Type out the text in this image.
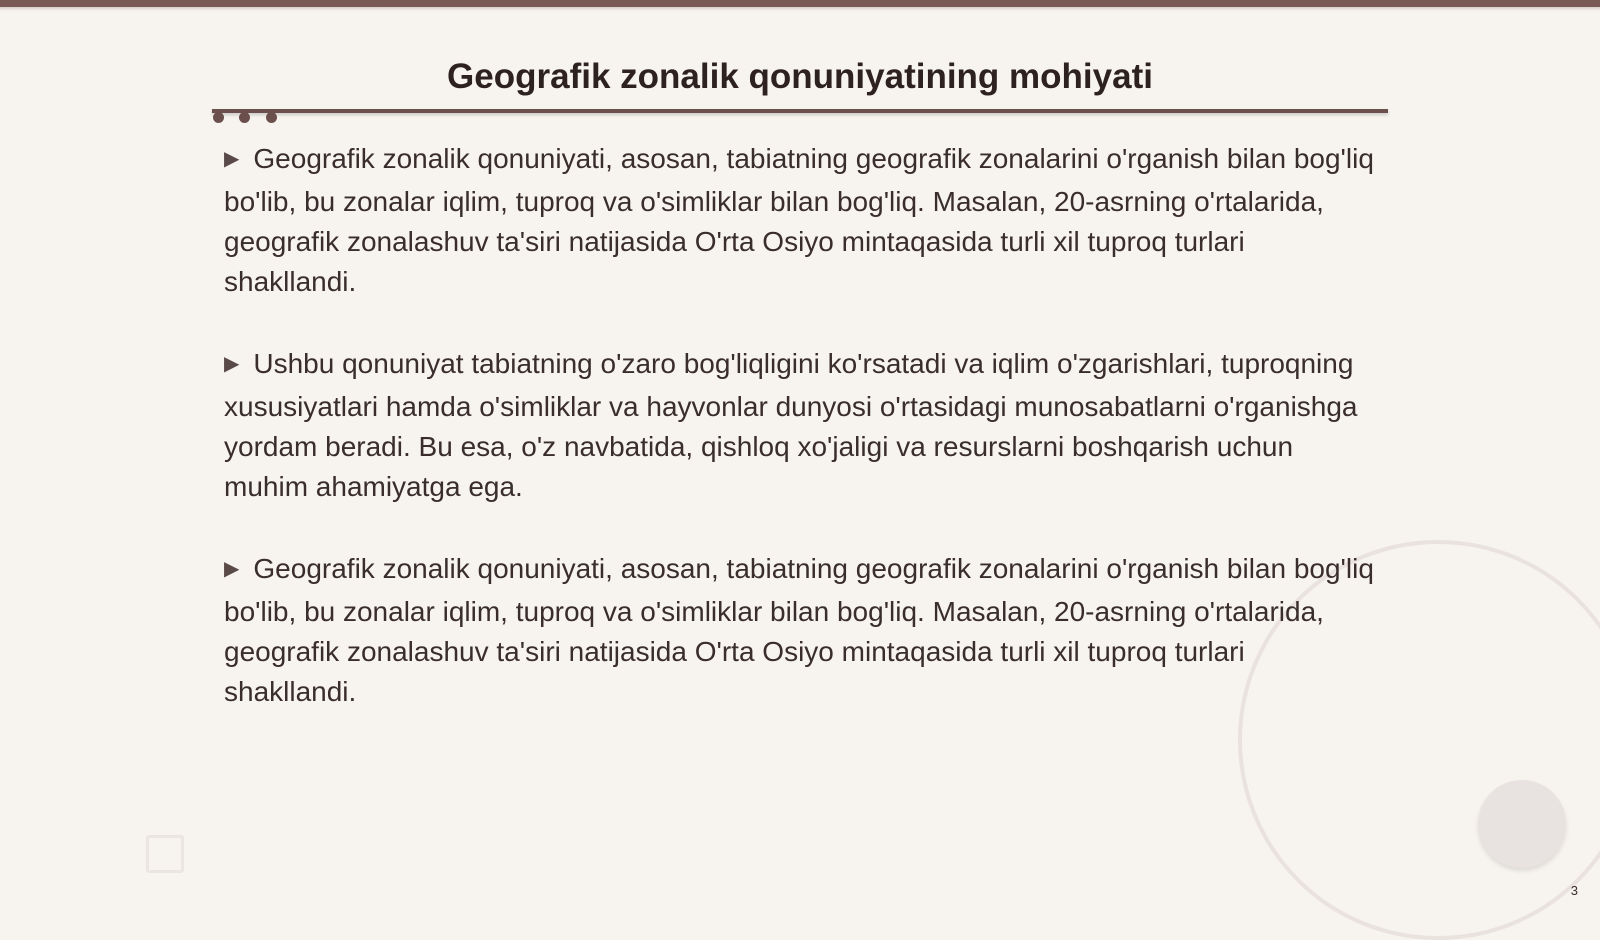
Geografik zonalik qonuniyatining mohiyati

▶ Geografik zonalik qonuniyati, asosan, tabiatning geografik zonalarini o'rganish bilan bog'liq bo'lib, bu zonalar iqlim, tuproq va o'simliklar bilan bog'liq. Masalan, 20-asrning o'rtalarida, geografik zonalashuv ta'siri natijasida O'rta Osiyo mintaqasida turli xil tuproq turlari shakllandi.

▶ Ushbu qonuniyat tabiatning o'zaro bog'liqligini ko'rsatadi va iqlim o'zgarishlari, tuproqning xususiyatlari hamda o'simliklar va hayvonlar dunyosi o'rtasidagi munosabatlarni o'rganishga yordam beradi. Bu esa, o'z navbatida, qishloq xo'jaligi va resurslarni boshqarish uchun muhim ahamiyatga ega.

▶ Geografik zonalik qonuniyati, asosan, tabiatning geografik zonalarini o'rganish bilan bog'liq bo'lib, bu zonalar iqlim, tuproq va o'simliklar bilan bog'liq. Masalan, 20-asrning o'rtalarida, geografik zonalashuv ta'siri natijasida O'rta Osiyo mintaqasida turli xil tuproq turlari shakllandi.

3
